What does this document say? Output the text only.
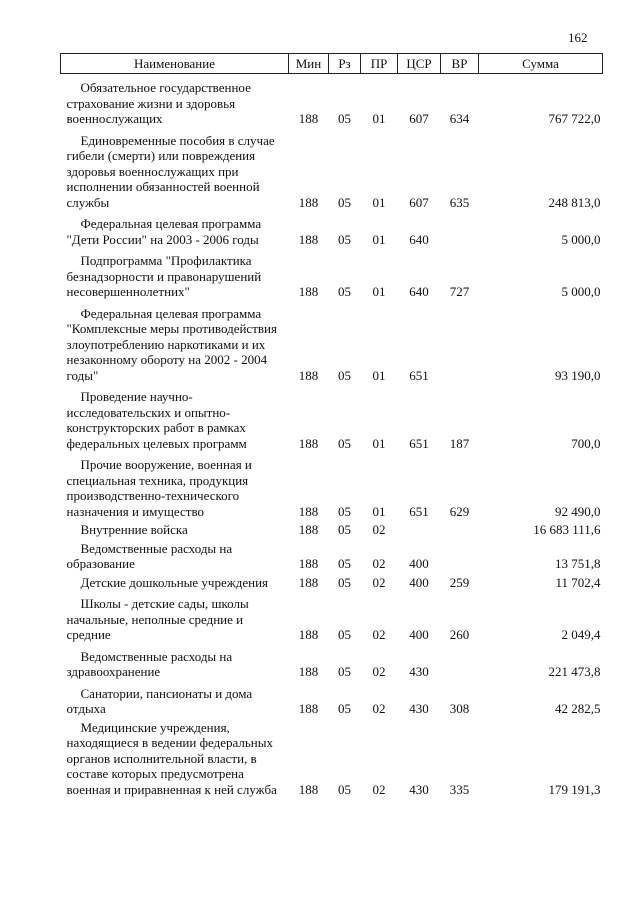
162
Наименование	Мин	Рз	ПР	ЦСР	ВР	Сумма

Обязательное государственное страхование жизни и здоровья военнослужащих	188	05	01	607	634	767 722,0

Единовременные пособия в случае гибели (смерти) или повреждения здоровья военнослужащих при исполнении обязанностей военной службы	188	05	01	607	635	248 813,0

Федеральная целевая программа "Дети России" на 2003 - 2006 годы	188	05	01	640		5 000,0

Подпрограмма "Профилактика безнадзорности и правонарушений несовершеннолетних"	188	05	01	640	727	5 000,0

Федеральная целевая программа "Комплексные меры противодействия злоупотреблению наркотиками и их незаконному обороту на 2002 - 2004 годы"	188	05	01	651		93 190,0

Проведение научно-исследовательских и опытно-конструкторских работ в рамках федеральных целевых программ	188	05	01	651	187	700,0

Прочие вооружение, военная и специальная техника, продукция производственно-технического назначения и имущество	188	05	01	651	629	92 490,0

Внутренние войска	188	05	02			16 683 111,6

Ведомственные расходы на образование	188	05	02	400		13 751,8

Детские дошкольные учреждения	188	05	02	400	259	11 702,4

Школы - детские сады, школы начальные, неполные средние и средние	188	05	02	400	260	2 049,4

Ведомственные расходы на здравоохранение	188	05	02	430		221 473,8

Санатории, пансионаты и дома отдыха	188	05	02	430	308	42 282,5

Медицинские учреждения, находящиеся в ведении федеральных органов исполнительной власти, в составе которых предусмотрена военная и приравненная к ней служба	188	05	02	430	335	179 191,3
